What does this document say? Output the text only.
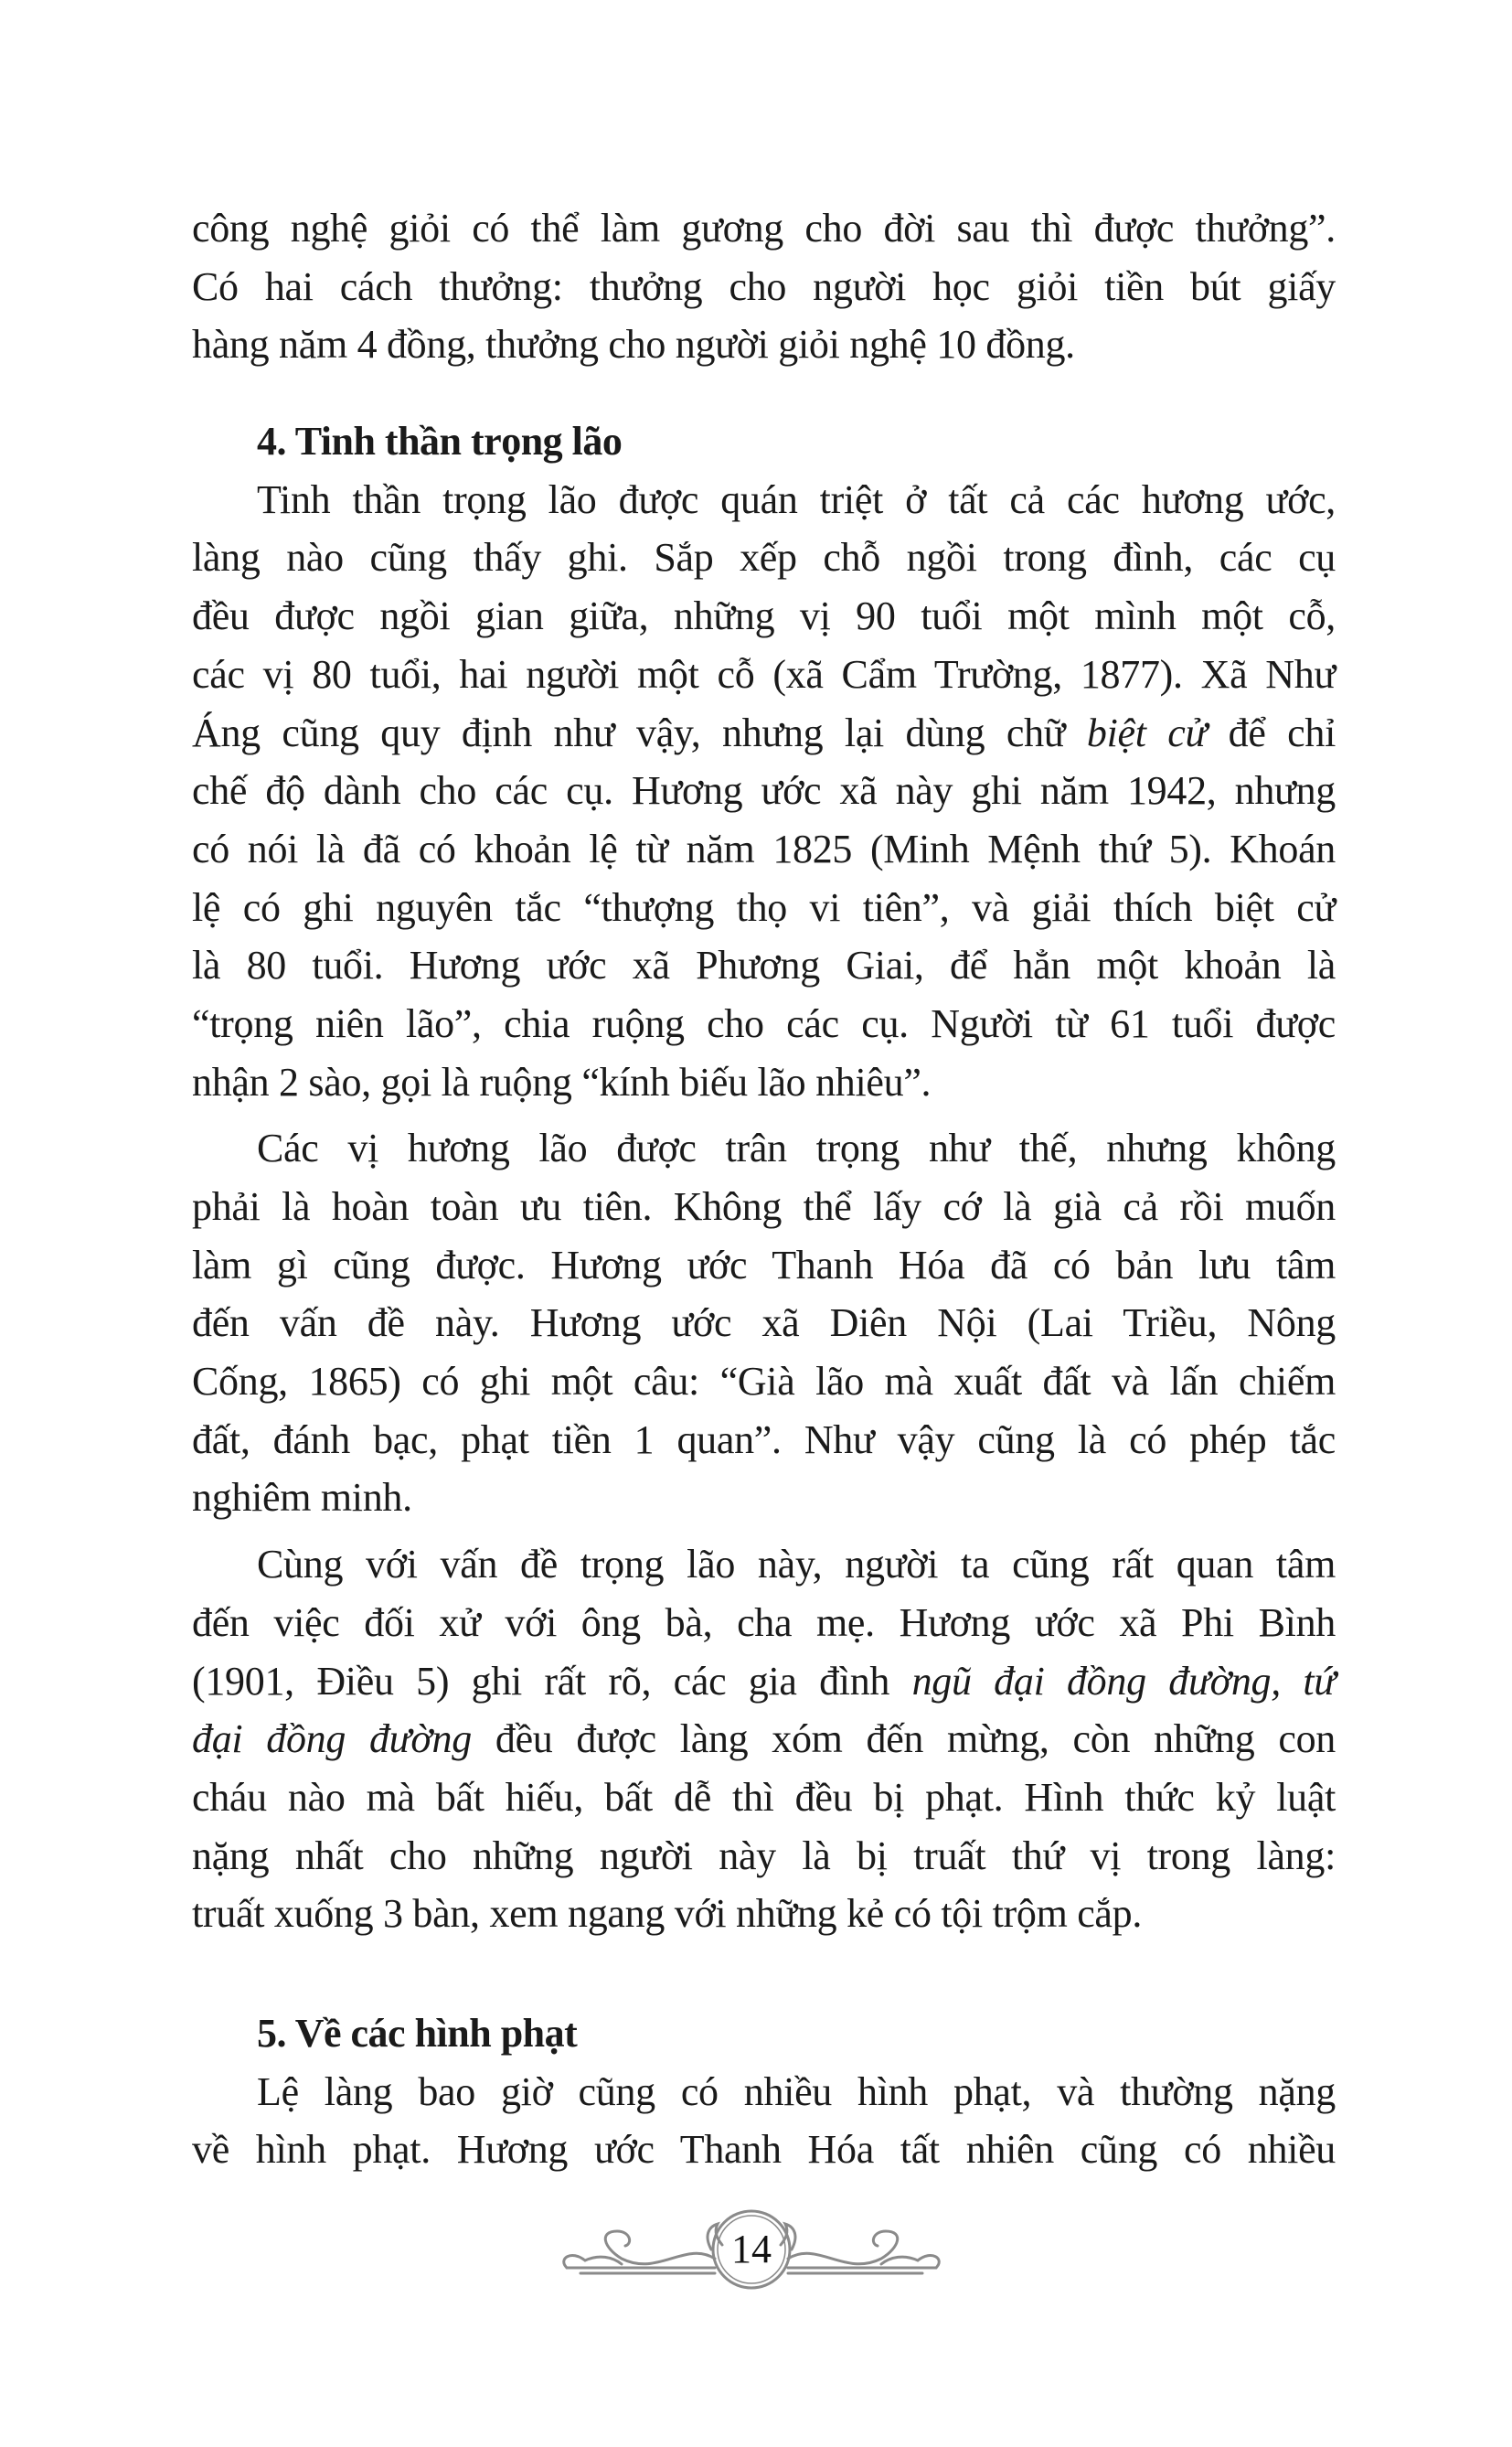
công nghệ giỏi có thể làm gương cho đời sau thì được thưởng”.
Có hai cách thưởng: thưởng cho người học giỏi tiền bút giấy
hàng năm 4 đồng, thưởng cho người giỏi nghệ 10 đồng.
4. Tinh thần trọng lão
Tinh thần trọng lão được quán triệt ở tất cả các hương ước,
làng nào cũng thấy ghi. Sắp xếp chỗ ngồi trong đình, các cụ
đều được ngồi gian giữa, những vị 90 tuổi một mình một cỗ,
các vị 80 tuổi, hai người một cỗ (xã Cẩm Trường, 1877). Xã Như
Áng cũng quy định như vậy, nhưng lại dùng chữ biệt cử để chỉ
chế độ dành cho các cụ. Hương ước xã này ghi năm 1942, nhưng
có nói là đã có khoản lệ từ năm 1825 (Minh Mệnh thứ 5). Khoán
lệ có ghi nguyên tắc “thượng thọ vi tiên”, và giải thích biệt cử
là 80 tuổi. Hương ước xã Phương Giai, để hẳn một khoản là
“trọng niên lão”, chia ruộng cho các cụ. Người từ 61 tuổi được
nhận 2 sào, gọi là ruộng “kính biếu lão nhiêu”.
Các vị hương lão được trân trọng như thế, nhưng không
phải là hoàn toàn ưu tiên. Không thể lấy cớ là già cả rồi muốn
làm gì cũng được. Hương ước Thanh Hóa đã có bản lưu tâm
đến vấn đề này. Hương ước xã Diên Nội (Lai Triều, Nông
Cống, 1865) có ghi một câu: “Già lão mà xuất đất và lấn chiếm
đất, đánh bạc, phạt tiền 1 quan”. Như vậy cũng là có phép tắc
nghiêm minh.
Cùng với vấn đề trọng lão này, người ta cũng rất quan tâm
đến việc đối xử với ông bà, cha mẹ. Hương ước xã Phi Bình
(1901, Điều 5) ghi rất rõ, các gia đình ngũ đại đồng đường, tứ
đại đồng đường đều được làng xóm đến mừng, còn những con
cháu nào mà bất hiếu, bất dễ thì đều bị phạt. Hình thức kỷ luật
nặng nhất cho những người này là bị truất thứ vị trong làng:
truất xuống 3 bàn, xem ngang với những kẻ có tội trộm cắp.
5. Về các hình phạt
Lệ làng bao giờ cũng có nhiều hình phạt, và thường nặng
về hình phạt. Hương ước Thanh Hóa tất nhiên cũng có nhiều
14
